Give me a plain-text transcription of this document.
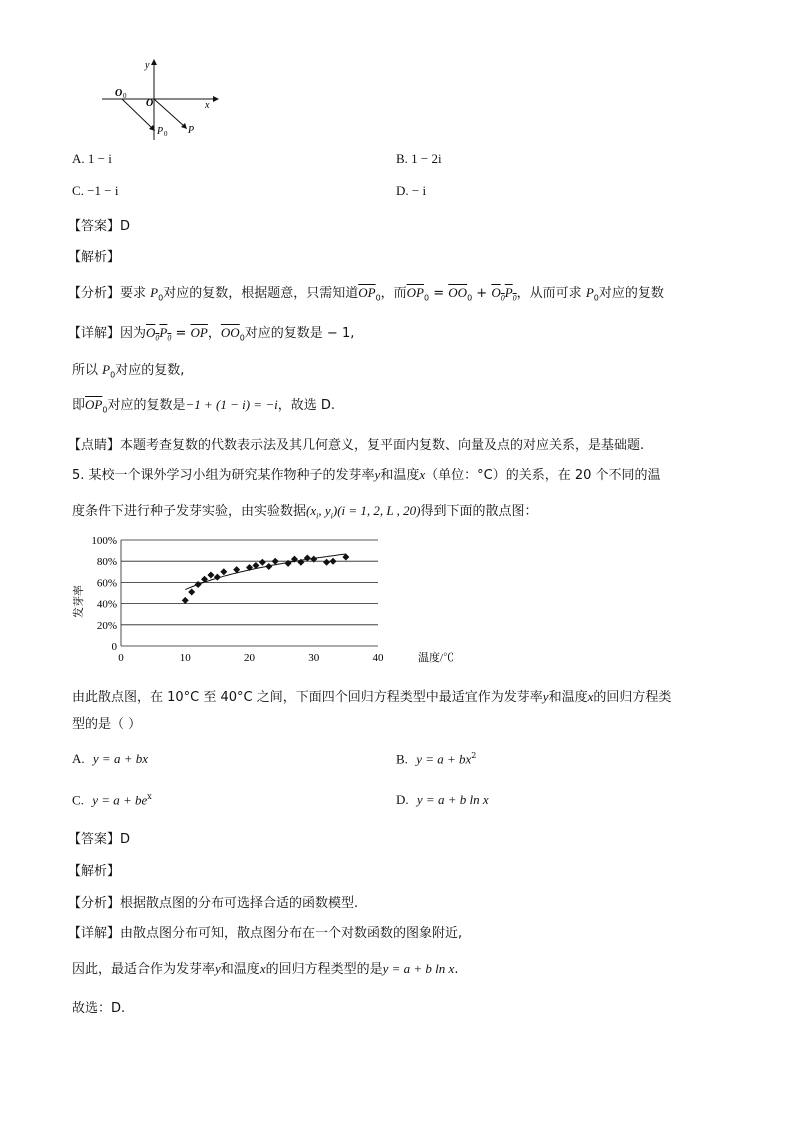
y
x
O 0
O
P 0 P
A. 1 − i	B. 1 − 2i
C. −1 − i	D. − i
【答案】D
【解析】
【分析】要求 $P_0$对应的复数，根据题意，只需知道$\overline{OP}_0$，而$\overline{OP}_0 = \overline{OO}_0 + O_0P_0$，从而可求 $P_0$对应的复数
【详解】因为$O_0P_0 = \overline{OP}$，$\overline{OO}_0$对应的复数是 − 1,
所以 $P_0$对应的复数,
即$\overline{OP}_0$对应的复数是−1 + (1 − i) = −i，故选 D.
【点睛】本题考查复数的代数表示法及其几何意义，复平面内复数、向量及点的对应关系，是基础题.
5. 某校一个课外学习小组为研究某作物种子的发芽率y和温度x（单位：°C）的关系，在 20 个不同的温
度条件下进行种子发芽实验，由实验数据($x_i$, $y_i)(i = 1$, 2, L , 20)得到下面的散点图：
0
20%
40%
60%
80%
100%
0	10	20	30	40	温度/℃
发芽率
由此散点图，在 10°C 至 40°C 之间，下面四个回归方程类型中最适宜作为发芽率y和温度x的回归方程类
型的是（ ）
A. y = a + bx	B. $y = a + bx^2$
C. $y = a + be^x$	D. y = a + b ln x
【答案】D
【解析】
【分析】根据散点图的分布可选择合适的函数模型.
【详解】由散点图分布可知，散点图分布在一个对数函数的图象附近,
因此，最适合作为发芽率y和温度x的回归方程类型的是y = a + b ln x.
故选：D.
